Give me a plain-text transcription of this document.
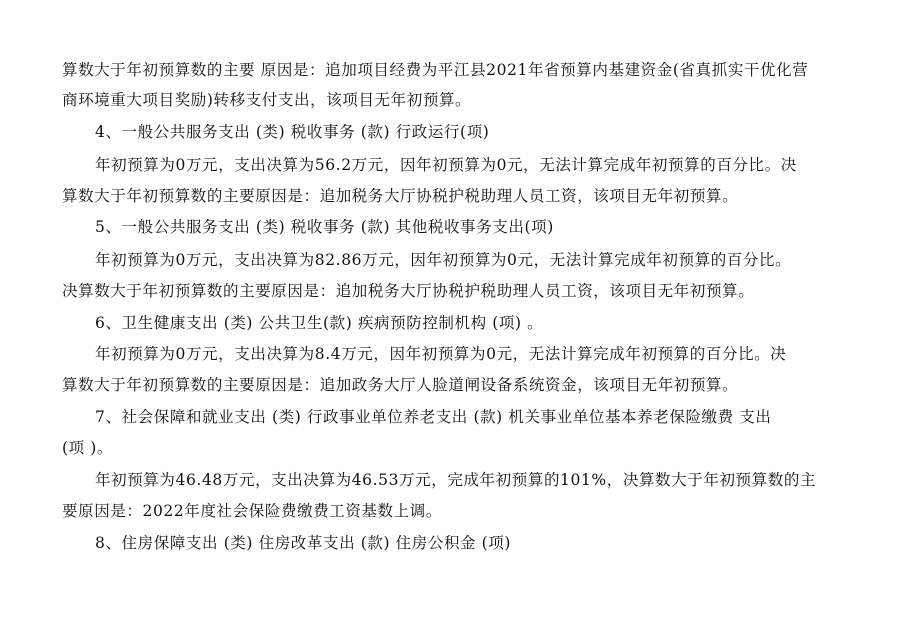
算数大于年初预算数的主要 原因是：追加项目经费为平江县2021年省预算内基建资金(省真抓实干优化营
商环境重大项目奖励)转移支付支出，该项目无年初预算。
4、一般公共服务支出 (类) 税收事务 (款) 行政运行(项)
年初预算为0万元，支出决算为56.2万元，因年初预算为0元，无法计算完成年初预算的百分比。决
算数大于年初预算数的主要原因是：追加税务大厅协税护税助理人员工资，该项目无年初预算。
5、一般公共服务支出 (类) 税收事务 (款) 其他税收事务支出(项)
年初预算为0万元，支出决算为82.86万元，因年初预算为0元，无法计算完成年初预算的百分比。
决算数大于年初预算数的主要原因是：追加税务大厅协税护税助理人员工资，该项目无年初预算。
6、卫生健康支出 (类) 公共卫生(款) 疾病预防控制机构 (项) 。
年初预算为0万元，支出决算为8.4万元，因年初预算为0元，无法计算完成年初预算的百分比。决
算数大于年初预算数的主要原因是：追加政务大厅人脸道闸设备系统资金，该项目无年初预算。
7、社会保障和就业支出 (类) 行政事业单位养老支出 (款) 机关事业单位基本养老保险缴费 支出
(项 )。
年初预算为46.48万元，支出决算为46.53万元，完成年初预算的101%，决算数大于年初预算数的主
要原因是：2022年度社会保险费缴费工资基数上调。
8、住房保障支出 (类) 住房改革支出 (款) 住房公积金 (项)
